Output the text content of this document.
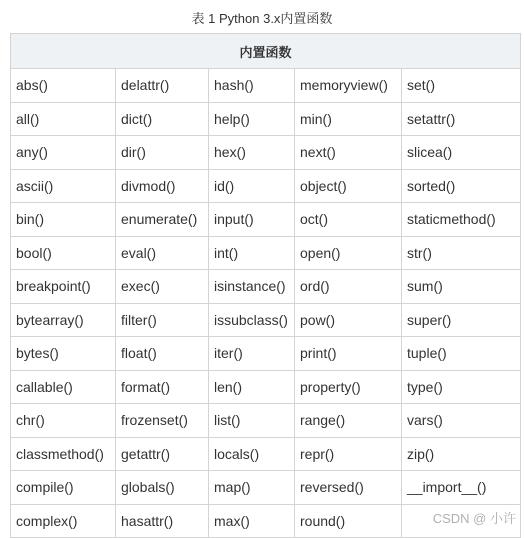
表 1 Python 3.x内置函数
内置函数				
abs()	delattr()	hash()	memoryview()	set()
all()	dict()	help()	min()	setattr()
any()	dir()	hex()	next()	slicea()
ascii()	divmod()	id()	object()	sorted()
bin()	enumerate()	input()	oct()	staticmethod()
bool()	eval()	int()	open()	str()
breakpoint()	exec()	isinstance()	ord()	sum()
bytearray()	filter()	issubclass()	pow()	super()
bytes()	float()	iter()	print()	tuple()
callable()	format()	len()	property()	type()
chr()	frozenset()	list()	range()	vars()
classmethod()	getattr()	locals()	repr()	zip()
compile()	globals()	map()	reversed()	__import__()
complex()	hasattr()	max()	round()		CSDN @ 小许
